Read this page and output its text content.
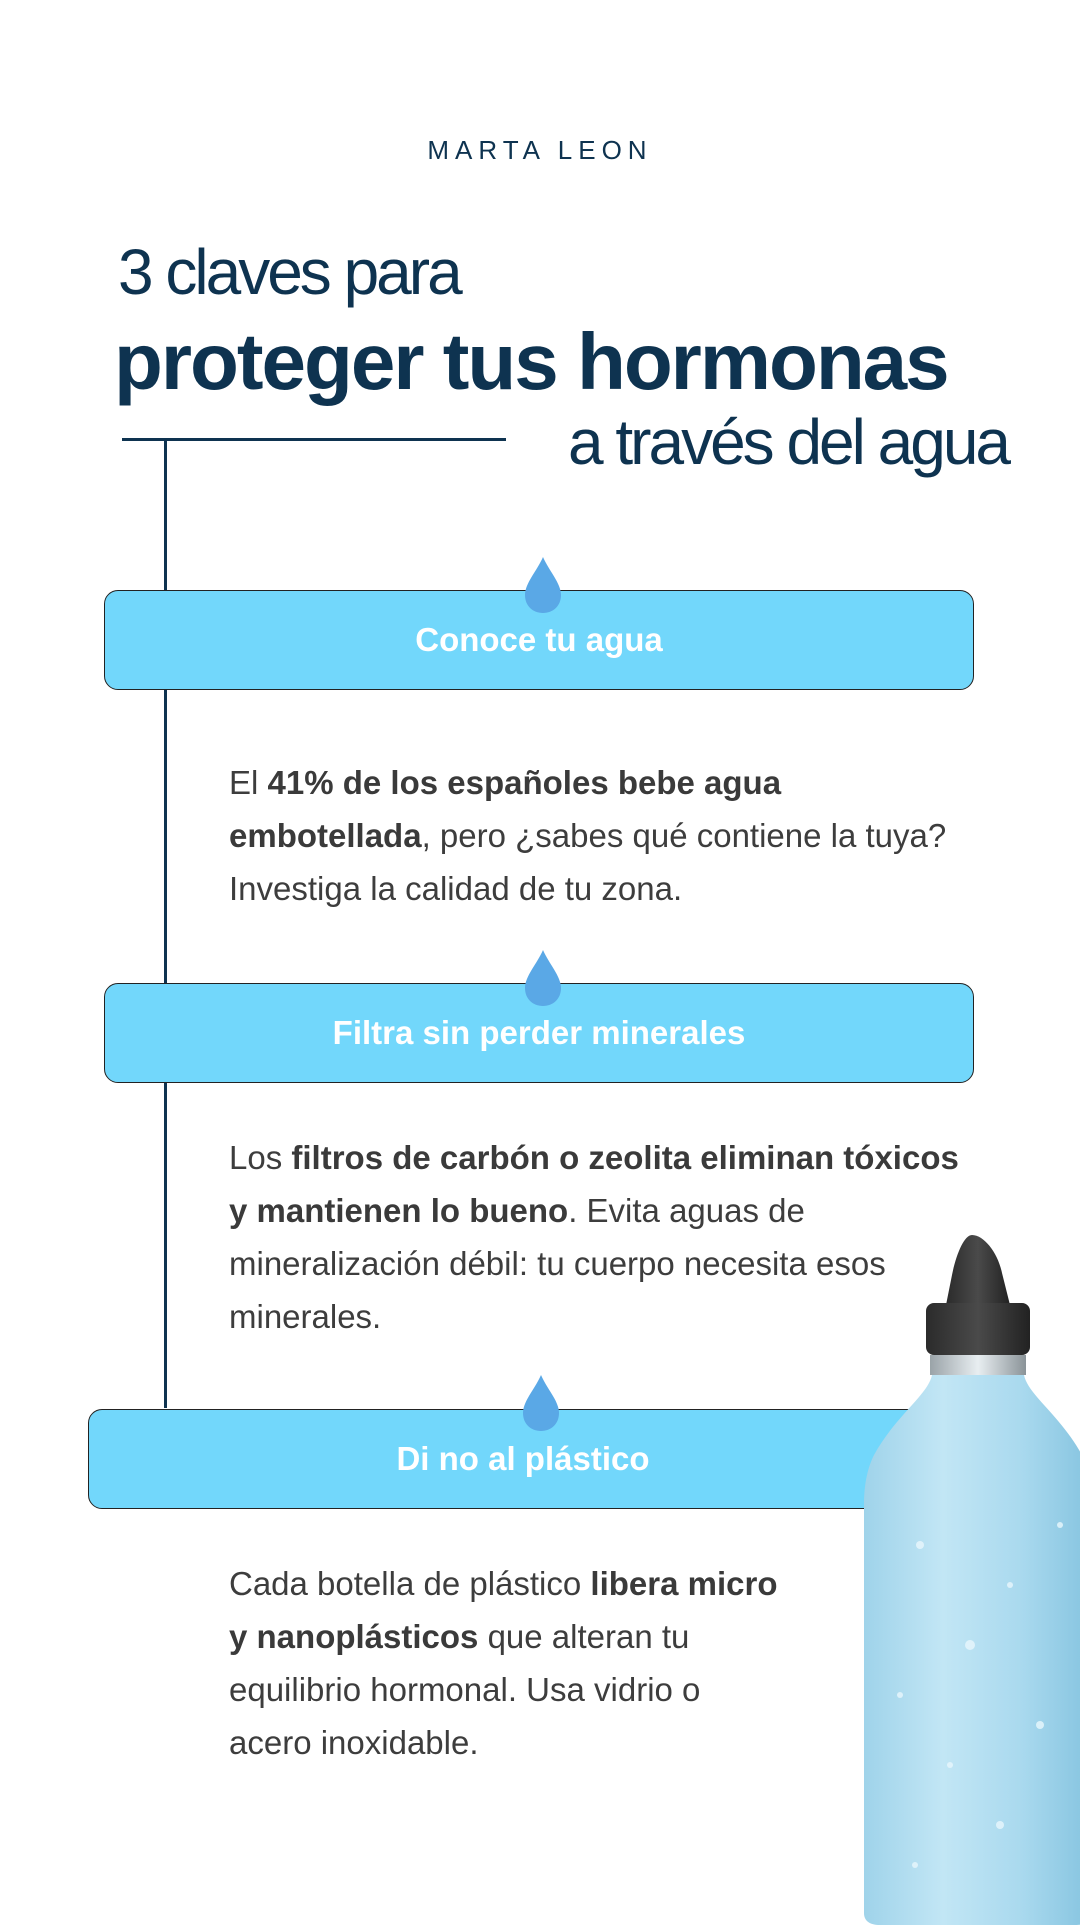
MARTA LEON
3 claves para
proteger tus hormonas
a través del agua
Conoce tu agua
El 41% de los españoles bebe agua embotellada, pero ¿sabes qué contiene la tuya? Investiga la calidad de tu zona.
Filtra sin perder minerales
Los filtros de carbón o zeolita eliminan tóxicos y mantienen lo bueno. Evita aguas de mineralización débil: tu cuerpo necesita esos minerales.
Di no al plástico
Cada botella de plástico libera micro y nanoplásticos que alteran tu equilibrio hormonal. Usa vidrio o acero inoxidable.
